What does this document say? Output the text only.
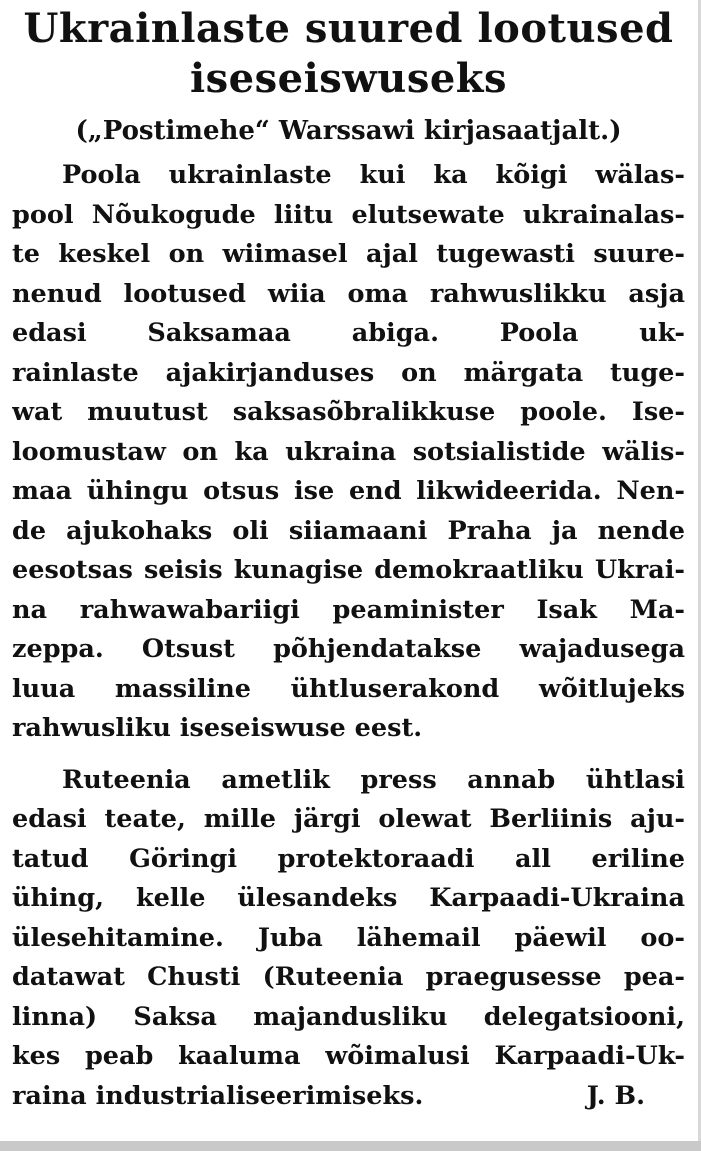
Ukrainlaste suured lootused
iseseiswuseks
(„Postimehe“ Warssawi kirjasaatjalt.)

Poola ukrainlaste kui ka kõigi wälas-
pool Nõukogude liitu elutsewate ukrainalas-
te keskel on wiimasel ajal tugewasti suure-
nenud lootused wiia oma rahwuslikku asja
edasi Saksamaa abiga. Poola uk-
rainlaste ajakirjanduses on märgata tuge-
wat muutust saksasõbralikkuse poole. Ise-
loomustaw on ka ukraina sotsialistide wälis-
maa ühingu otsus ise end likwideerida. Nen-
de ajukohaks oli siiamaani Praha ja nende
eesotsas seisis kunagise demokraatliku Ukrai-
na rahwawabariigi peaminister Isak Ma-
zeppa. Otsust põhjendatakse wajadusega
luua massiline ühtluserakond wõitlujeks
rahwusliku iseseiswuse eest.

Ruteenia ametlik press annab ühtlasi
edasi teate, mille järgi olewat Berliinis aju-
tatud Göringi protektoraadi all eriline
ühing, kelle ülesandeks Karpaadi-Ukraina
ülesehitamine. Juba lähemail päewil oo-
datawat Chusti (Ruteenia praegusesse pea-
linna) Saksa majandusliku delegatsiooni,
kes peab kaaluma wõimalusi Karpaadi-Uk-

raina industrialiseerimiseks.	J. B.
